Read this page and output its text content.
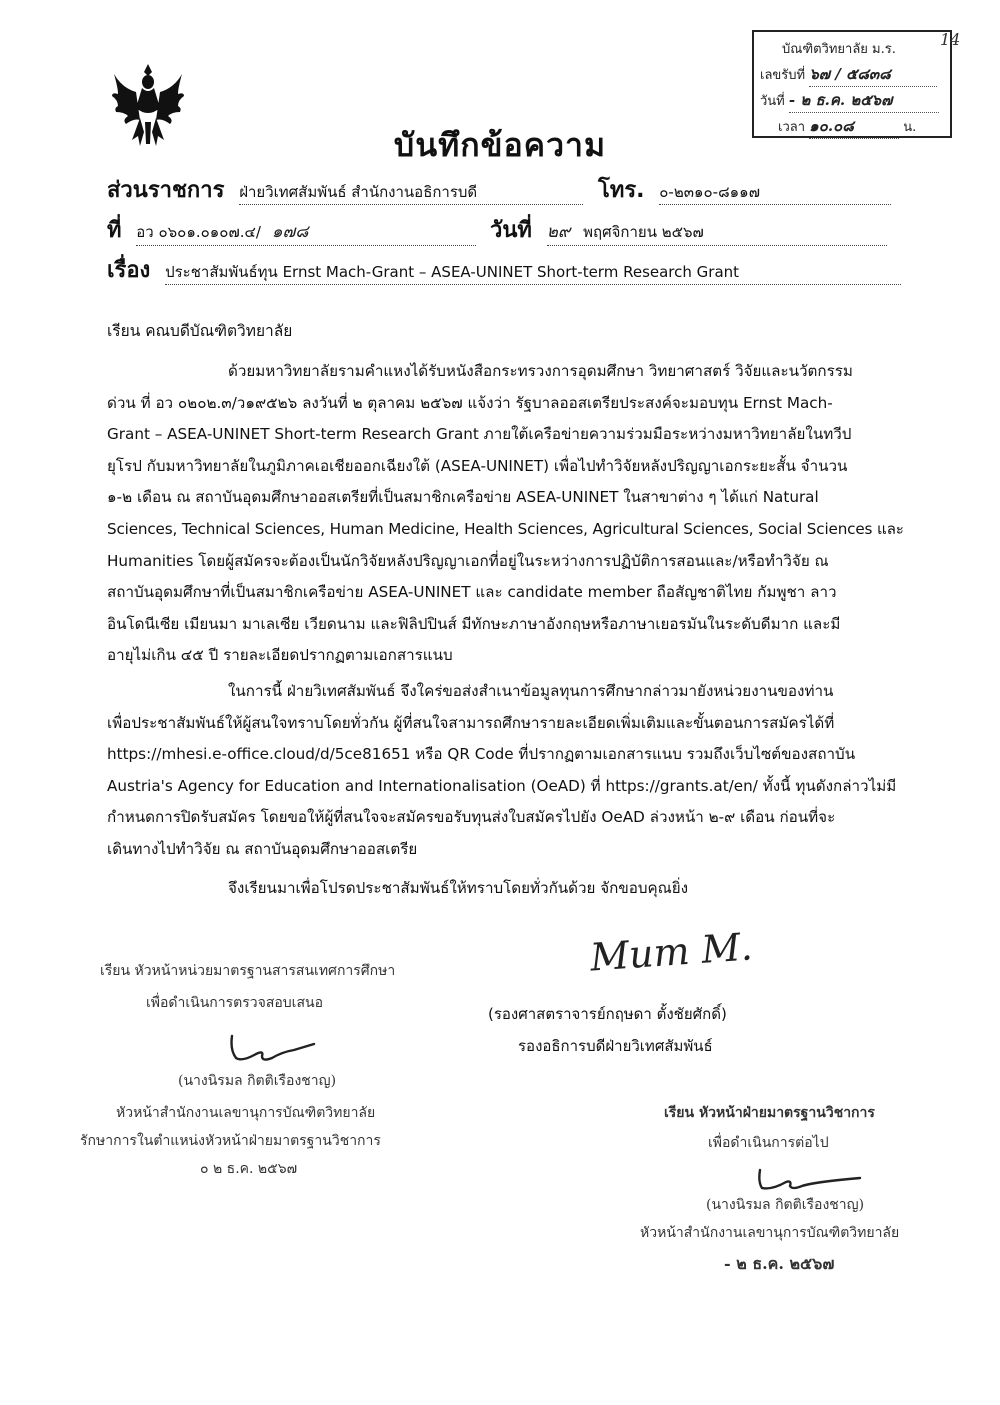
บัณฑิตวิทยาลัย ม.ร.
เลขรับที่ ๖๗ / ๕๘๓๘
วันที่ - ๒ ธ.ค. ๒๕๖๗
เวลา ๑๐.๐๘	น.
14
บันทึกข้อความ
ส่วนราชการ ฝ่ายวิเทศสัมพันธ์ สำนักงานอธิการบดี	โทร. ๐-๒๓๑๐-๘๑๑๗
ที่ อว ๐๖๐๑.๐๑๐๗.๔/ ๑๗๘	วันที่ ๒๙ พฤศจิกายน ๒๕๖๗
เรื่อง ประชาสัมพันธ์ทุน Ernst Mach-Grant – ASEA-UNINET Short-term Research Grant
เรียน คณบดีบัณฑิตวิทยาลัย
ด้วยมหาวิทยาลัยรามคำแหงได้รับหนังสือกระทรวงการอุดมศึกษา วิทยาศาสตร์ วิจัยและนวัตกรรม
ด่วน ที่ อว ๐๒๐๒.๓/ว๑๙๕๒๖ ลงวันที่ ๒ ตุลาคม ๒๕๖๗ แจ้งว่า รัฐบาลออสเตรียประสงค์จะมอบทุน Ernst Mach-
Grant – ASEA-UNINET Short-term Research Grant ภายใต้เครือข่ายความร่วมมือระหว่างมหาวิทยาลัยในทวีป
ยุโรป กับมหาวิทยาลัยในภูมิภาคเอเชียออกเฉียงใต้ (ASEA-UNINET) เพื่อไปทำวิจัยหลังปริญญาเอกระยะสั้น จำนวน
๑-๒ เดือน ณ สถาบันอุดมศึกษาออสเตรียที่เป็นสมาชิกเครือข่าย ASEA-UNINET ในสาขาต่าง ๆ ได้แก่ Natural
Sciences, Technical Sciences, Human Medicine, Health Sciences, Agricultural Sciences, Social Sciences และ
Humanities โดยผู้สมัครจะต้องเป็นนักวิจัยหลังปริญญาเอกที่อยู่ในระหว่างการปฏิบัติการสอนและ/หรือทำวิจัย ณ
สถาบันอุดมศึกษาที่เป็นสมาชิกเครือข่าย ASEA-UNINET และ candidate member ถือสัญชาติไทย กัมพูชา ลาว
อินโดนีเซีย เมียนมา มาเลเซีย เวียดนาม และฟิลิปปินส์ มีทักษะภาษาอังกฤษหรือภาษาเยอรมันในระดับดีมาก และมี
อายุไม่เกิน ๔๕ ปี รายละเอียดปรากฏตามเอกสารแนบ
ในการนี้ ฝ่ายวิเทศสัมพันธ์ จึงใคร่ขอส่งสำเนาข้อมูลทุนการศึกษากล่าวมายังหน่วยงานของท่าน
เพื่อประชาสัมพันธ์ให้ผู้สนใจทราบโดยทั่วกัน ผู้ที่สนใจสามารถศึกษารายละเอียดเพิ่มเติมและขั้นตอนการสมัครได้ที่
https://mhesi.e-office.cloud/d/5ce81651 หรือ QR Code ที่ปรากฏตามเอกสารแนบ รวมถึงเว็บไซต์ของสถาบัน
Austria's Agency for Education and Internationalisation (OeAD) ที่ https://grants.at/en/ ทั้งนี้ ทุนดังกล่าวไม่มี
กำหนดการปิดรับสมัคร โดยขอให้ผู้ที่สนใจจะสมัครขอรับทุนส่งใบสมัครไปยัง OeAD ล่วงหน้า ๒-๙ เดือน ก่อนที่จะ
เดินทางไปทำวิจัย ณ สถาบันอุดมศึกษาออสเตรีย
จึงเรียนมาเพื่อโปรดประชาสัมพันธ์ให้ทราบโดยทั่วกันด้วย จักขอบคุณยิ่ง
Mum M.
(รองศาสตราจารย์กฤษดา ตั้งชัยศักดิ์)
รองอธิการบดีฝ่ายวิเทศสัมพันธ์
เรียน หัวหน้าหน่วยมาตรฐานสารสนเทศการศึกษา
เพื่อดำเนินการตรวจสอบเสนอ
(นางนิรมล กิตติเรืองชาญ)
หัวหน้าสำนักงานเลขานุการบัณฑิตวิทยาลัย
รักษาการในตำแหน่งหัวหน้าฝ่ายมาตรฐานวิชาการ
๐ ๒ ธ.ค. ๒๕๖๗
เรียน หัวหน้าฝ่ายมาตรฐานวิชาการ
เพื่อดำเนินการต่อไป
(นางนิรมล กิตติเรืองชาญ)
หัวหน้าสำนักงานเลขานุการบัณฑิตวิทยาลัย
- ๒ ธ.ค. ๒๕๖๗
